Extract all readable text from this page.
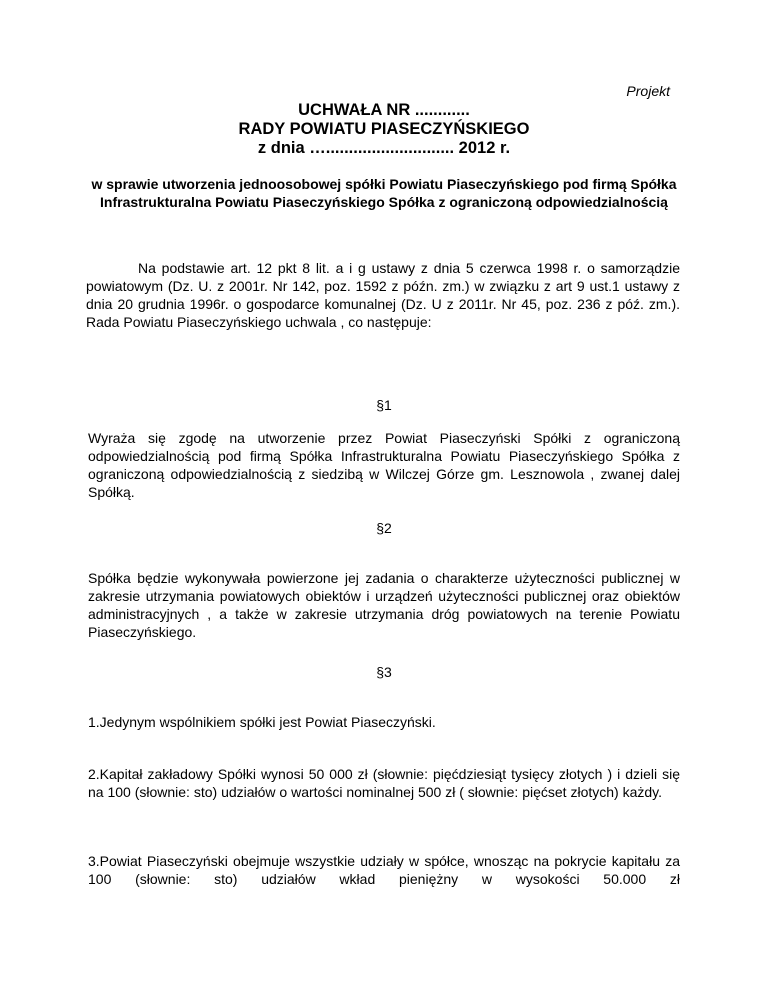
Projekt
UCHWAŁA NR ............
RADY POWIATU PIASECZYŃSKIEGO
z dnia …............................ 2012 r.
w sprawie utworzenia jednoosobowej spółki Powiatu Piaseczyńskiego pod firmą Spółka Infrastrukturalna Powiatu Piaseczyńskiego Spółka z ograniczoną odpowiedzialnością
Na podstawie art. 12 pkt 8 lit. a i g ustawy z dnia 5 czerwca 1998 r. o samorządzie powiatowym (Dz. U. z 2001r. Nr 142, poz. 1592 z późn. zm.) w związku z art 9 ust.1 ustawy z dnia 20 grudnia 1996r. o gospodarce komunalnej (Dz. U z 2011r. Nr 45, poz. 236 z póź. zm.). Rada Powiatu Piaseczyńskiego uchwala , co następuje:
§1
Wyraża się zgodę na utworzenie przez Powiat Piaseczyński Spółki z ograniczoną odpowiedzialnością pod firmą Spółka Infrastrukturalna Powiatu Piaseczyńskiego Spółka z ograniczoną odpowiedzialnością z siedzibą w Wilczej Górze gm. Lesznowola , zwanej dalej Spółką.
§2
Spółka będzie wykonywała powierzone jej zadania o charakterze użyteczności publicznej w zakresie utrzymania powiatowych obiektów i urządzeń użyteczności publicznej oraz obiektów administracyjnych , a także w zakresie utrzymania dróg powiatowych na terenie Powiatu Piaseczyńskiego.
§3
1.Jedynym wspólnikiem spółki jest Powiat Piaseczyński.
2.Kapitał zakładowy Spółki wynosi 50 000 zł (słownie: pięćdziesiąt tysięcy złotych ) i dzieli się na 100 (słownie: sto) udziałów o wartości nominalnej 500 zł ( słownie: pięćset złotych) każdy.
3.Powiat Piaseczyński obejmuje wszystkie udziały w spółce, wnosząc na pokrycie kapitału za 100 (słownie: sto) udziałów wkład pieniężny w wysokości 50.000 zł
